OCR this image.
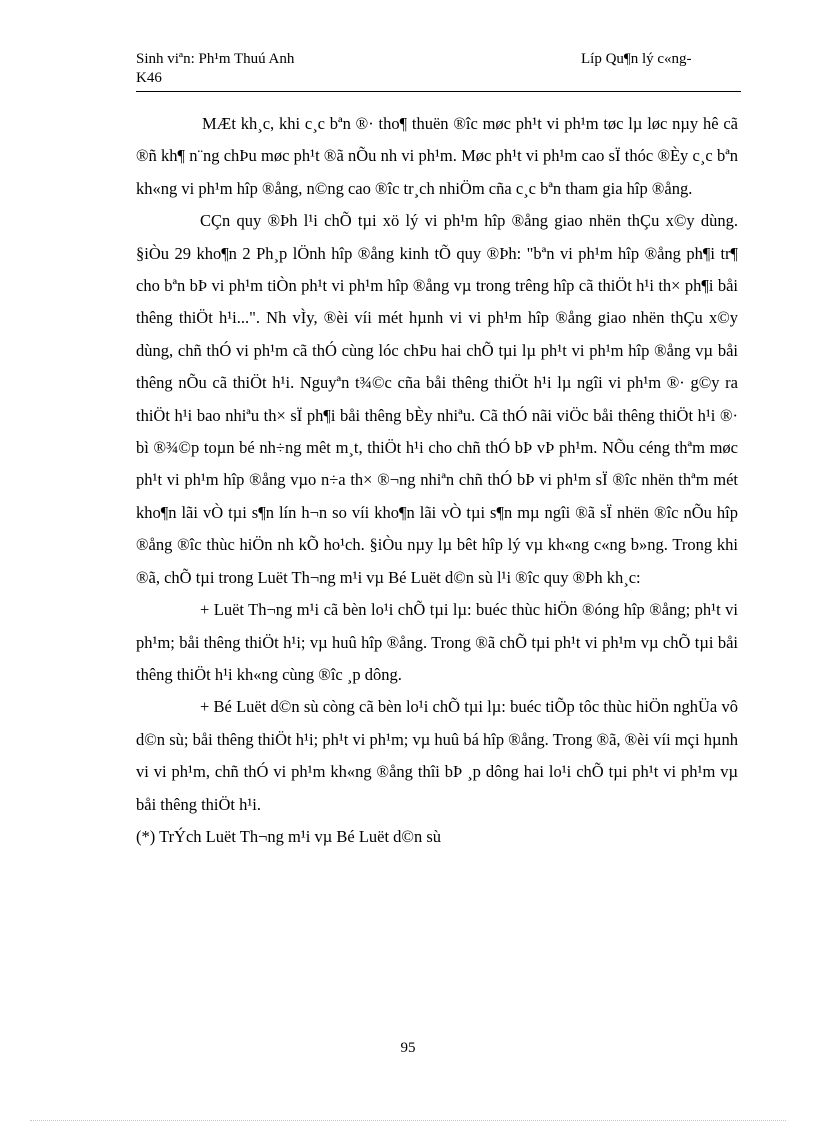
Sinh viªn: Ph¹m Thuú Anh
K46
Líp Qu¶n lý c«ng-

MÆt kh¸c, khi c¸c bªn ®· tho¶ thuën ®îc møc ph¹t vi ph¹m tøc lµ løc nµy hê cã ®ñ kh¶ n¨ng chÞu møc ph¹t ®ã nÕu nh vi ph¹m. Møc ph¹t vi ph¹m cao sÏ thóc ®Èy c¸c bªn kh«ng vi ph¹m hîp ®ång, n©ng cao ®îc tr¸ch nhiÖm cña c¸c bªn tham gia hîp ®ång.

CÇn quy ®Þh l¹i chÕ tµi xö lý vi ph¹m hîp ®ång giao nhën thÇu x©y dùng. §iÒu 29 kho¶n 2 Ph¸p lÖnh hîp ®ång kinh tÕ quy ®Þh: "bªn vi ph¹m hîp ®ång ph¶i tr¶ cho bªn bÞ vi ph¹m tiÒn ph¹t vi ph¹m hîp ®ång vµ trong trêng hîp cã thiÖt h¹i th× ph¶i båi thêng thiÖt h¹i...". Nh vÌy, ®èi víi mét hµnh vi vi ph¹m hîp ®ång giao nhën thÇu x©y dùng, chñ thÓ vi ph¹m cã thÓ cùng lóc chÞu hai chÕ tµi lµ ph¹t vi ph¹m hîp ®ång vµ båi thêng nÕu cã thiÖt h¹i. Nguyªn t¾©c cña båi thêng thiÖt h¹i lµ ngîi vi ph¹m ®· g©y ra thiÖt h¹i bao nhiªu th× sÏ ph¶i båi thêng bÈy nhiªu. Cã thÓ nãi viÖc båi thêng thiÖt h¹i ®· bì ®¾©p toµn bé nh÷ng mêt m¸t, thiÖt h¹i cho chñ thÓ bÞ vÞ ph¹m. NÕu céng thªm møc ph¹t vi ph¹m hîp ®ång vµo n÷a th× ®¬ng nhiªn chñ thÓ bÞ vi ph¹m sÏ ®îc nhën thªm mét kho¶n lãi vÒ tµi s¶n lín h¬n so víi kho¶n lãi vÒ tµi s¶n mµ ngîi ®ã sÏ nhën ®îc nÕu hîp ®ång ®îc thùc hiÖn nh kÕ ho¹ch. §iÒu nµy lµ bêt hîp lý vµ kh«ng c«ng b»ng. Trong khi ®ã, chÕ tµi trong Luët Th¬ng m¹i vµ Bé Luët d©n sù l¹i ®îc quy ®Þh kh¸c:

+ Luët Th¬ng m¹i cã bèn lo¹i chÕ tµi lµ: buéc thùc hiÖn ®óng hîp ®ång; ph¹t vi ph¹m; båi thêng thiÖt h¹i; vµ huû hîp ®ång. Trong ®ã chÕ tµi ph¹t vi ph¹m vµ chÕ tµi båi thêng thiÖt h¹i kh«ng cùng ®îc ¸p dông.

+ Bé Luët d©n sù còng cã bèn lo¹i chÕ tµi lµ: buéc tiÕp tôc thùc hiÖn nghÜa vô d©n sù; båi thêng thiÖt h¹i; ph¹t vi ph¹m; vµ huû bá hîp ®ång. Trong ®ã, ®èi víi mçi hµnh vi vi ph¹m, chñ thÓ vi ph¹m kh«ng ®ång thîi bÞ ¸p dông hai lo¹i chÕ tµi ph¹t vi ph¹m vµ båi thêng thiÖt h¹i.

(*) TrÝch Luët Th¬ng m¹i vµ Bé Luët d©n sù

95
